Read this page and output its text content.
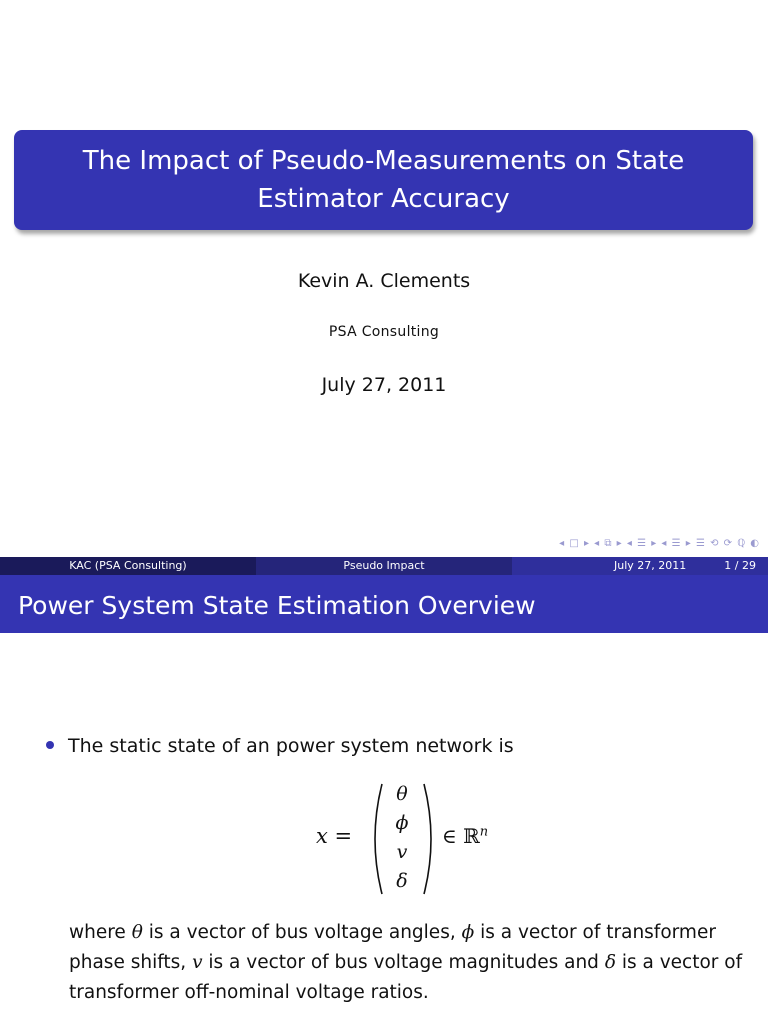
The Impact of Pseudo-Measurements on State Estimator Accuracy
Kevin A. Clements
PSA Consulting
July 27, 2011
◂ □ ▸ ◂ ⧉ ▸ ◂ ☰ ▸ ◂ ☰ ▸ ☰ ⟲ ⟳ ℚ ◐
KAC (PSA Consulting)	Pseudo Impact	July 27, 2011	1 / 29
Power System State Estimation Overview
The static state of an power system network is
x =
θ
ϕ
v
δ
∈ ℝ$^n$
where θ is a vector of bus voltage angles, ϕ is a vector of transformer phase shifts, v is a vector of bus voltage magnitudes and δ is a vector of transformer off-nominal voltage ratios.
